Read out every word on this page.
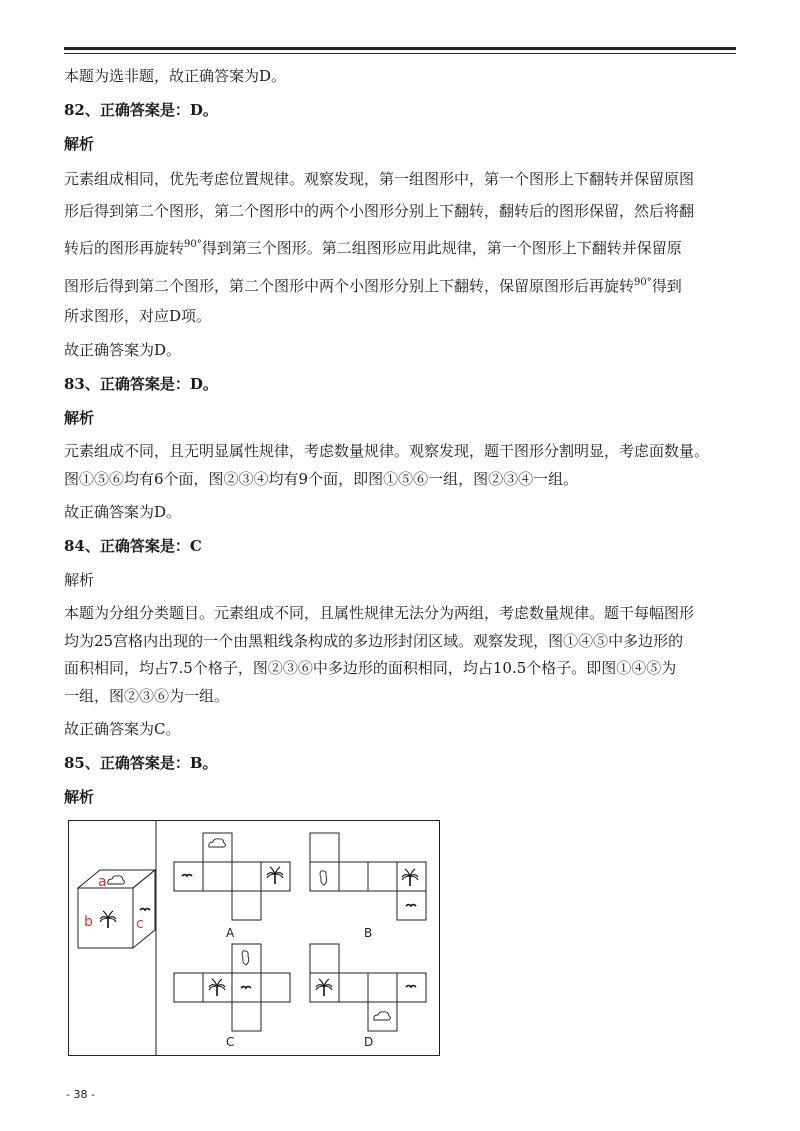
本题为选非题，故正确答案为D。
82、正确答案是：D。
解析
元素组成相同，优先考虑位置规律。观察发现，第一组图形中，第一个图形上下翻转并保留原图
形后得到第二个图形，第二个图形中的两个小图形分别上下翻转，翻转后的图形保留，然后将翻
转后的图形再旋转$^{90^\circ}$得到第三个图形。第二组图形应用此规律，第一个图形上下翻转并保留原
图形后得到第二个图形，第二个图形中两个小图形分别上下翻转，保留原图形后再旋转$^{90^\circ}$得到
所求图形，对应D项。
故正确答案为D。
83、正确答案是：D。
解析
元素组成不同，且无明显属性规律，考虑数量规律。观察发现，题干图形分割明显，考虑面数量。
图①⑤⑥均有6个面，图②③④均有9个面，即图①⑤⑥一组，图②③④一组。
故正确答案为D。
84、正确答案是：C
解析
本题为分组分类题目。元素组成不同，且属性规律无法分为两组，考虑数量规律。题干每幅图形
均为25宫格内出现的一个由黑粗线条构成的多边形封闭区域。观察发现，图①④⑤中多边形的
面积相同，均占7.5个格子，图②③⑥中多边形的面积相同，均占10.5个格子。即图①④⑤为
一组，图②③⑥为一组。
故正确答案为C。
85、正确答案是：B。
解析
a
b	c
A	B
C	D
- 38 -
